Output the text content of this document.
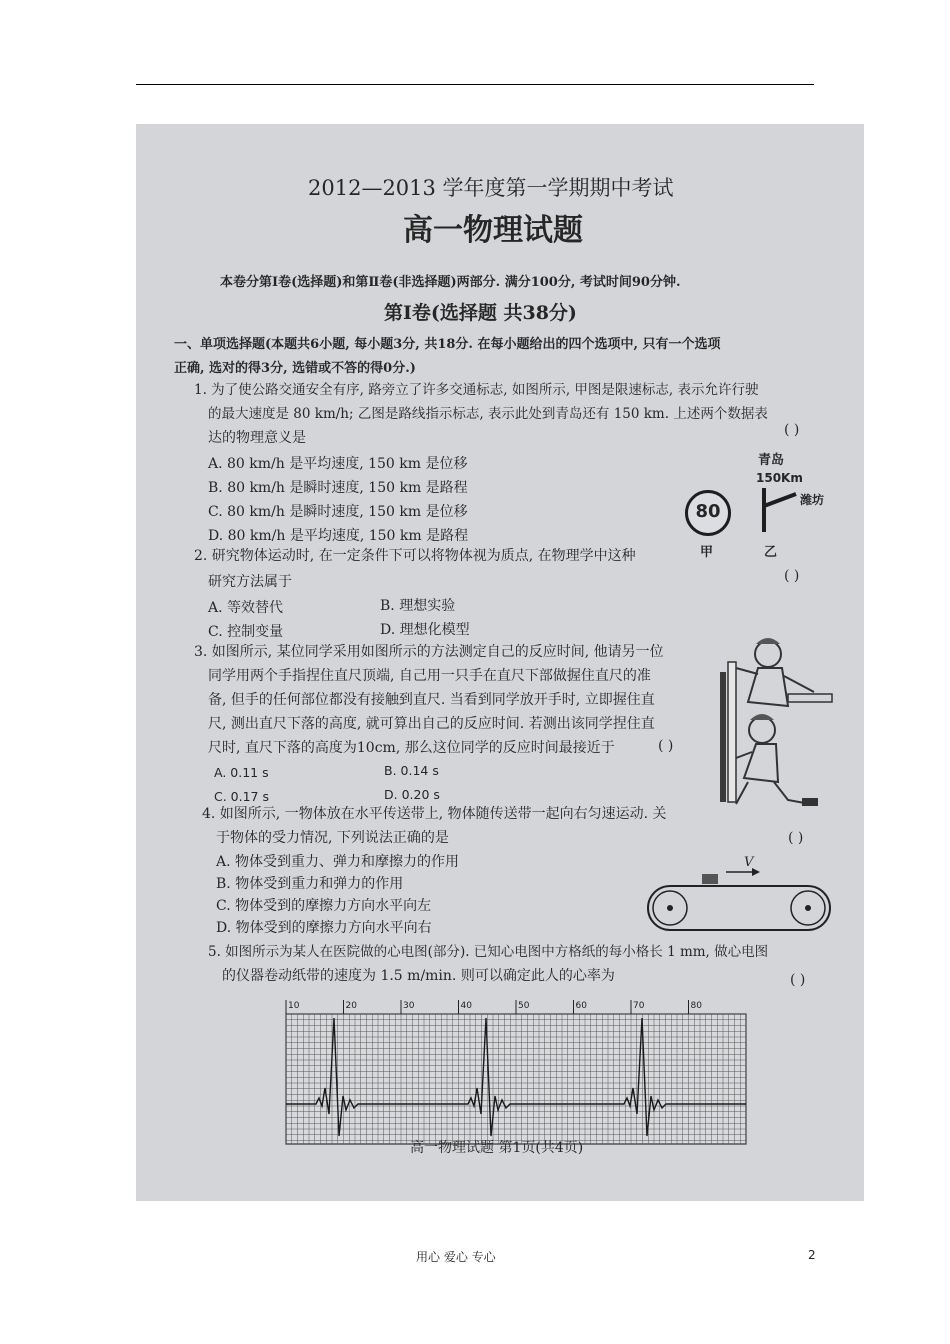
2012—2013 学年度第一学期期中考试
高一物理试题
本卷分第Ⅰ卷(选择题)和第Ⅱ卷(非选择题)两部分. 满分100分, 考试时间90分钟.
第Ⅰ卷(选择题 共38分)
一、单项选择题(本题共6小题, 每小题3分, 共18分. 在每小题给出的四个选项中, 只有一个选项
正确, 选对的得3分, 选错或不答的得0分.)
1. 为了使公路交通安全有序, 路旁立了许多交通标志, 如图所示, 甲图是限速标志, 表示允许行驶
的最大速度是 80 km/h; 乙图是路线指示标志, 表示此处到青岛还有 150 km. 上述两个数据表
达的物理意义是	( )
A. 80 km/h 是平均速度, 150 km 是位移
B. 80 km/h 是瞬时速度, 150 km 是路程
C. 80 km/h 是瞬时速度, 150 km 是位移
D. 80 km/h 是平均速度, 150 km 是路程
80
甲
青岛
150Km
潍坊
乙
2. 研究物体运动时, 在一定条件下可以将物体视为质点, 在物理学中这种
研究方法属于	( )
A. 等效替代	B. 理想实验
C. 控制变量	D. 理想化模型
3. 如图所示, 某位同学采用如图所示的方法测定自己的反应时间, 他请另一位
同学用两个手指捏住直尺顶端, 自己用一只手在直尺下部做握住直尺的准
备, 但手的任何部位都没有接触到直尺. 当看到同学放开手时, 立即握住直
尺, 测出直尺下落的高度, 就可算出自己的反应时间. 若测出该同学捏住直
尺时, 直尺下落的高度为10cm, 那么这位同学的反应时间最接近于	( )
A. 0.11 s	B. 0.14 s
C. 0.17 s	D. 0.20 s
4. 如图所示, 一物体放在水平传送带上, 物体随传送带一起向右匀速运动. 关
于物体的受力情况, 下列说法正确的是	( )
A. 物体受到重力、弹力和摩擦力的作用
B. 物体受到重力和弹力的作用
C. 物体受到的摩擦力方向水平向左
D. 物体受到的摩擦力方向水平向右
V
5. 如图所示为某人在医院做的心电图(部分). 已知心电图中方格纸的每小格长 1 mm, 做心电图
的仪器卷动纸带的速度为 1.5 m/min. 则可以确定此人的心率为	( )
10	20	30	40	50	60	70	80
高一物理试题 第1页(共4页)
用心 爱心 专心	2
